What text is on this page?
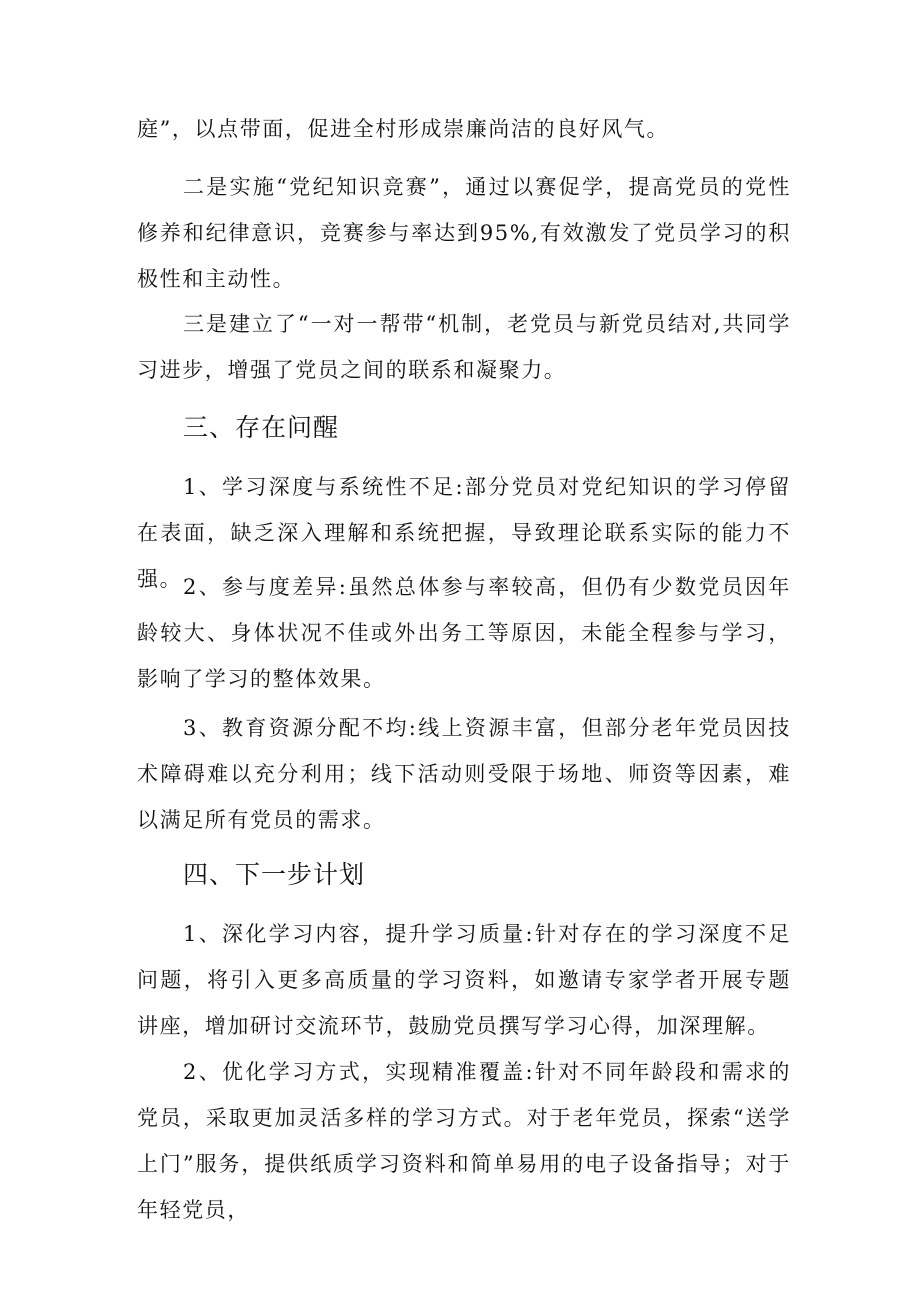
庭”，以点带面，促进全村形成崇廉尚洁的良好风气。

二是实施“党纪知识竞赛”，通过以赛促学，提高党员的党性修养和纪律意识，竞赛参与率达到95%,有效激发了党员学习的积极性和主动性。

三是建立了“一对一帮带“机制，老党员与新党员结对,共同学习进步，增强了党员之间的联系和凝聚力。

三、存在问醒

1、学习深度与系统性不足:部分党员对党纪知识的学习停留在表面，缺乏深入理解和系统把握，导致理论联系实际的能力不强。 2、参与度差异:虽然总体参与率较高，但仍有少数党员因年龄较大、身体状况不佳或外出务工等原因，未能全程参与学习，影响了学习的整体效果。

3、教育资源分配不均:线上资源丰富，但部分老年党员因技术障碍难以充分利用；线下活动则受限于场地、师资等因素，难以满足所有党员的需求。

四、下一步计划

1、深化学习内容，提升学习质量:针对存在的学习深度不足问题，将引入更多高质量的学习资料，如邀请专家学者开展专题讲座，增加研讨交流环节，鼓励党员撰写学习心得，加深理解。

2、优化学习方式，实现精准覆盖:针对不同年龄段和需求的党员，采取更加灵活多样的学习方式。对于老年党员，探索“送学上门”服务，提供纸质学习资料和简单易用的电子设备指导；对于年轻党员，
